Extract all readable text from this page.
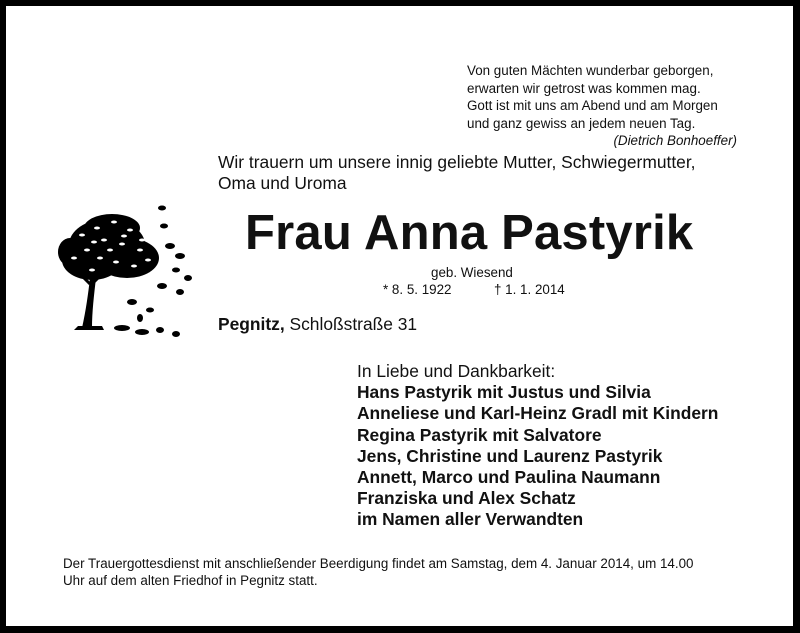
Von guten Mächten wunderbar geborgen,
erwarten wir getrost was kommen mag.
Gott ist mit uns am Abend und am Morgen
und ganz gewiss an jedem neuen Tag.
(Dietrich Bonhoeffer)
Wir trauern um unsere innig geliebte Mutter, Schwiegermutter,
Oma und Uroma
Frau Anna Pastyrik
geb. Wiesend
* 8. 5. 1922	† 1. 1. 2014
Pegnitz, Schloßstraße 31
In Liebe und Dankbarkeit:
Hans Pastyrik mit Justus und Silvia
Anneliese und Karl-Heinz Gradl mit Kindern
Regina Pastyrik mit Salvatore
Jens, Christine und Laurenz Pastyrik
Annett, Marco und Paulina Naumann
Franziska und Alex Schatz
im Namen aller Verwandten
Der Trauergottesdienst mit anschließender Beerdigung findet am Samstag, dem 4. Januar 2014, um 14.00
Uhr auf dem alten Friedhof in Pegnitz statt.
